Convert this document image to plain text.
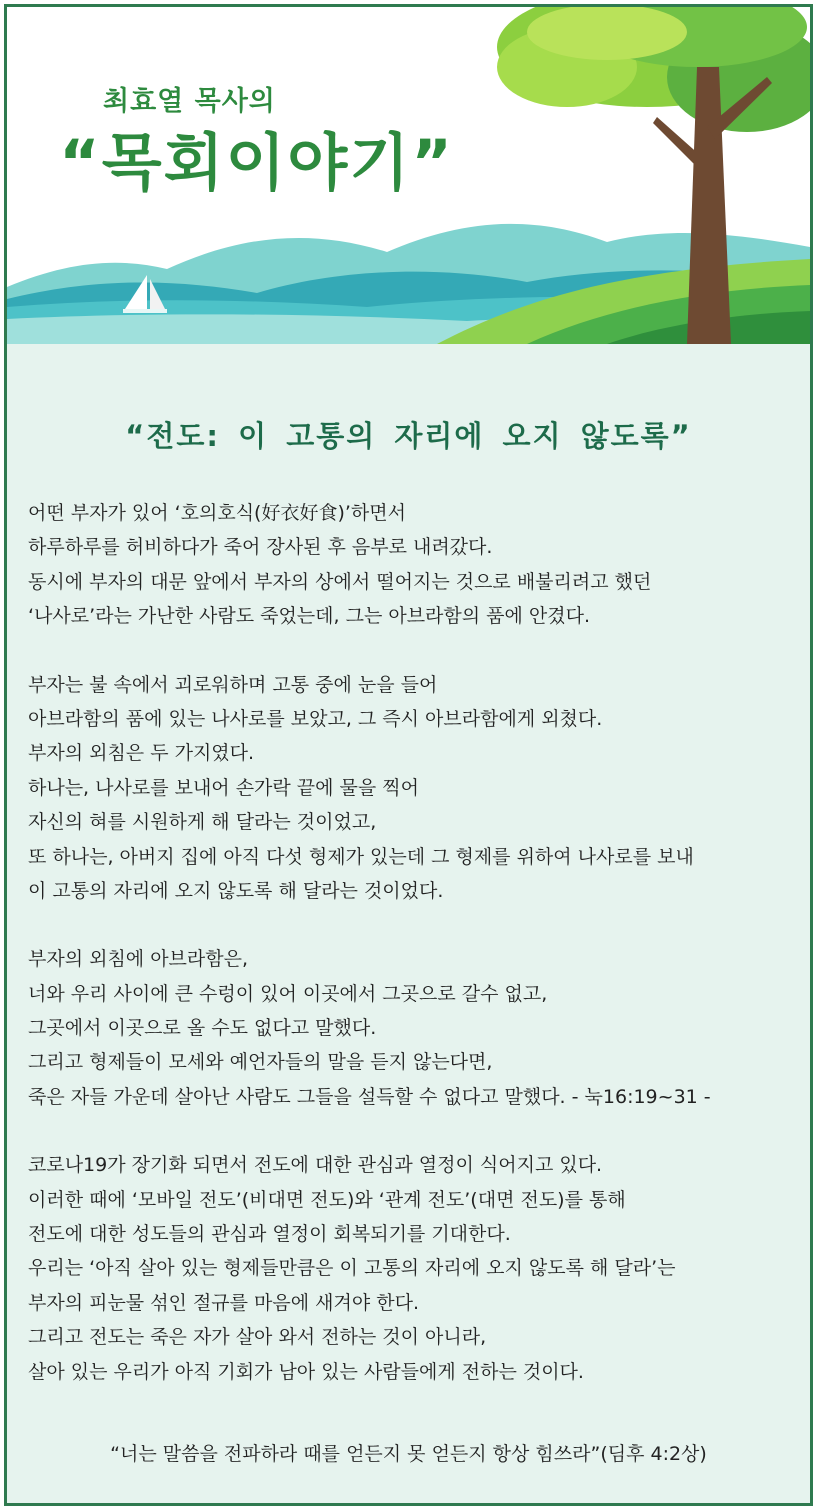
최효열 목사의
“목회이야기”
“전도: 이 고통의 자리에 오지 않도록”
어떤 부자가 있어 ‘호의호식(好衣好食)’하면서
하루하루를 허비하다가 죽어 장사된 후 음부로 내려갔다.
동시에 부자의 대문 앞에서 부자의 상에서 떨어지는 것으로 배불리려고 했던
‘나사로’라는 가난한 사람도 죽었는데, 그는 아브라함의 품에 안겼다.
부자는 불 속에서 괴로워하며 고통 중에 눈을 들어
아브라함의 품에 있는 나사로를 보았고, 그 즉시 아브라함에게 외쳤다.
부자의 외침은 두 가지였다.
하나는, 나사로를 보내어 손가락 끝에 물을 찍어
자신의 혀를 시원하게 해 달라는 것이었고,
또 하나는, 아버지 집에 아직 다섯 형제가 있는데 그 형제를 위하여 나사로를 보내
이 고통의 자리에 오지 않도록 해 달라는 것이었다.
부자의 외침에 아브라함은,
너와 우리 사이에 큰 수렁이 있어 이곳에서 그곳으로 갈수 없고,
그곳에서 이곳으로 올 수도 없다고 말했다.
그리고 형제들이 모세와 예언자들의 말을 듣지 않는다면,
죽은 자들 가운데 살아난 사람도 그들을 설득할 수 없다고 말했다. - 눅16:19~31 -
코로나19가 장기화 되면서 전도에 대한 관심과 열정이 식어지고 있다.
이러한 때에 ‘모바일 전도’(비대면 전도)와 ‘관계 전도’(대면 전도)를 통해
전도에 대한 성도들의 관심과 열정이 회복되기를 기대한다.
우리는 ‘아직 살아 있는 형제들만큼은 이 고통의 자리에 오지 않도록 해 달라’는
부자의 피눈물 섞인 절규를 마음에 새겨야 한다.
그리고 전도는 죽은 자가 살아 와서 전하는 것이 아니라,
살아 있는 우리가 아직 기회가 남아 있는 사람들에게 전하는 것이다.
“너는 말씀을 전파하라 때를 얻든지 못 얻든지 항상 힘쓰라”(딤후 4:2상)
